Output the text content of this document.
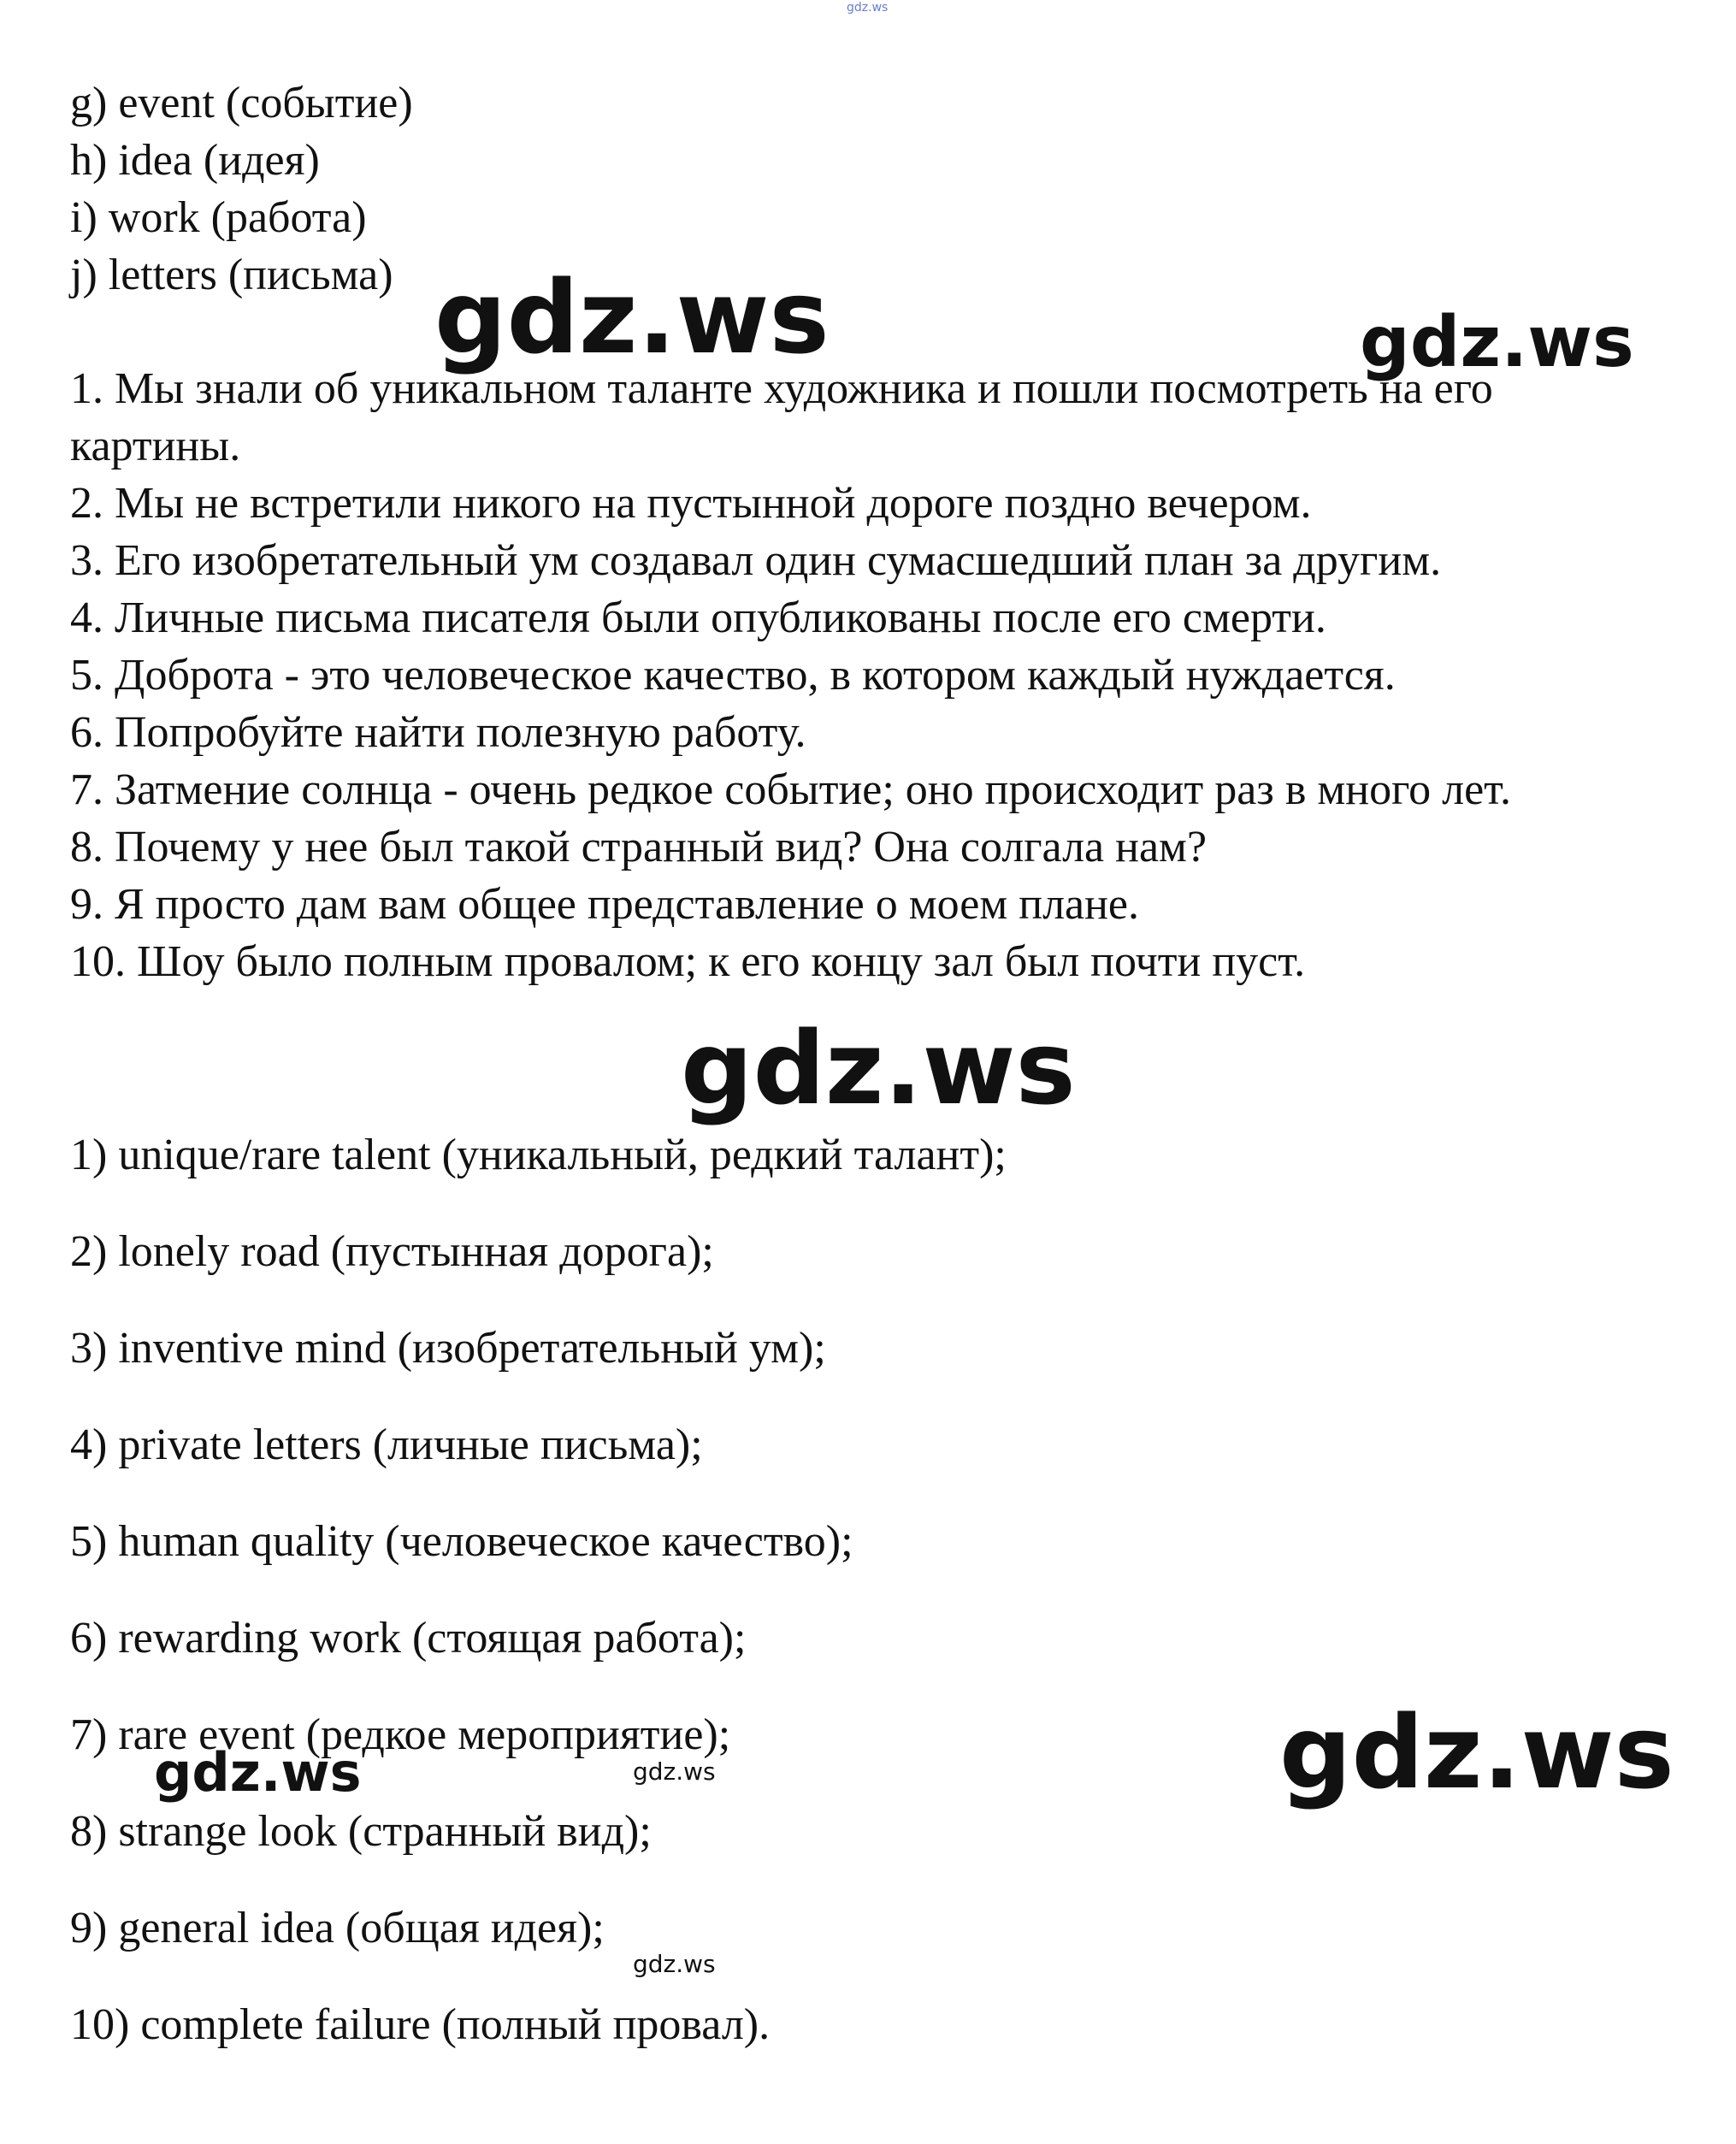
gdz.ws
g) event (событие)
h) idea (идея)
i) work (работа)
j) letters (письма) gdz.ws	gdz.ws
1. Мы знали об уникальном таланте художника и пошли посмотреть на его
картины.
2. Мы не встретили никого на пустынной дороге поздно вечером.
3. Его изобретательный ум создавал один сумасшедший план за другим.
4. Личные письма писателя были опубликованы после его смерти.
5. Доброта - это человеческое качество, в котором каждый нуждается.
6. Попробуйте найти полезную работу.
7. Затмение солнца - очень редкое событие; оно происходит раз в много лет.
8. Почему у нее был такой странный вид? Она солгала нам?
9. Я просто дам вам общее представление о моем плане.
10. Шоу было полным провалом; к его концу зал был почти пуст.
gdz.ws
1) unique/rare talent (уникальный, редкий талант);
2) lonely road (пустынная дорога);
3) inventive mind (изобретательный ум);
4) private letters (личные письма);
5) human quality (человеческое качество);
6) rewarding work (стоящая работа);
7) rare event (редкое мероприятие);
8) strange look (странный вид);
9) general idea (общая идея);
10) complete failure (полный провал).
gdz.ws
gdz.ws	gdz.ws
gdz.ws
